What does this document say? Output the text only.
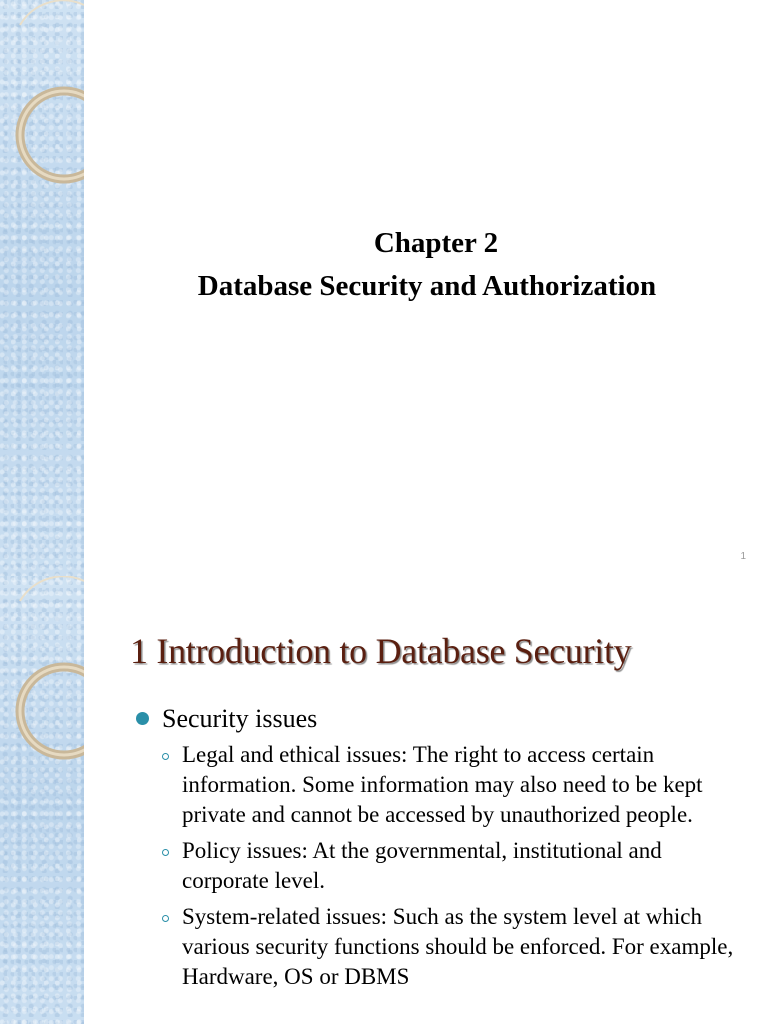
Chapter 2
Database Security and Authorization
1
1 Introduction to Database Security
Security issues
Legal and ethical issues: The right to access certain information. Some information may also need to be kept private and cannot be accessed by unauthorized people.
Policy issues: At the governmental, institutional and corporate level.
System-related issues: Such as the system level at which various security functions should be enforced. For example, Hardware, OS or DBMS
